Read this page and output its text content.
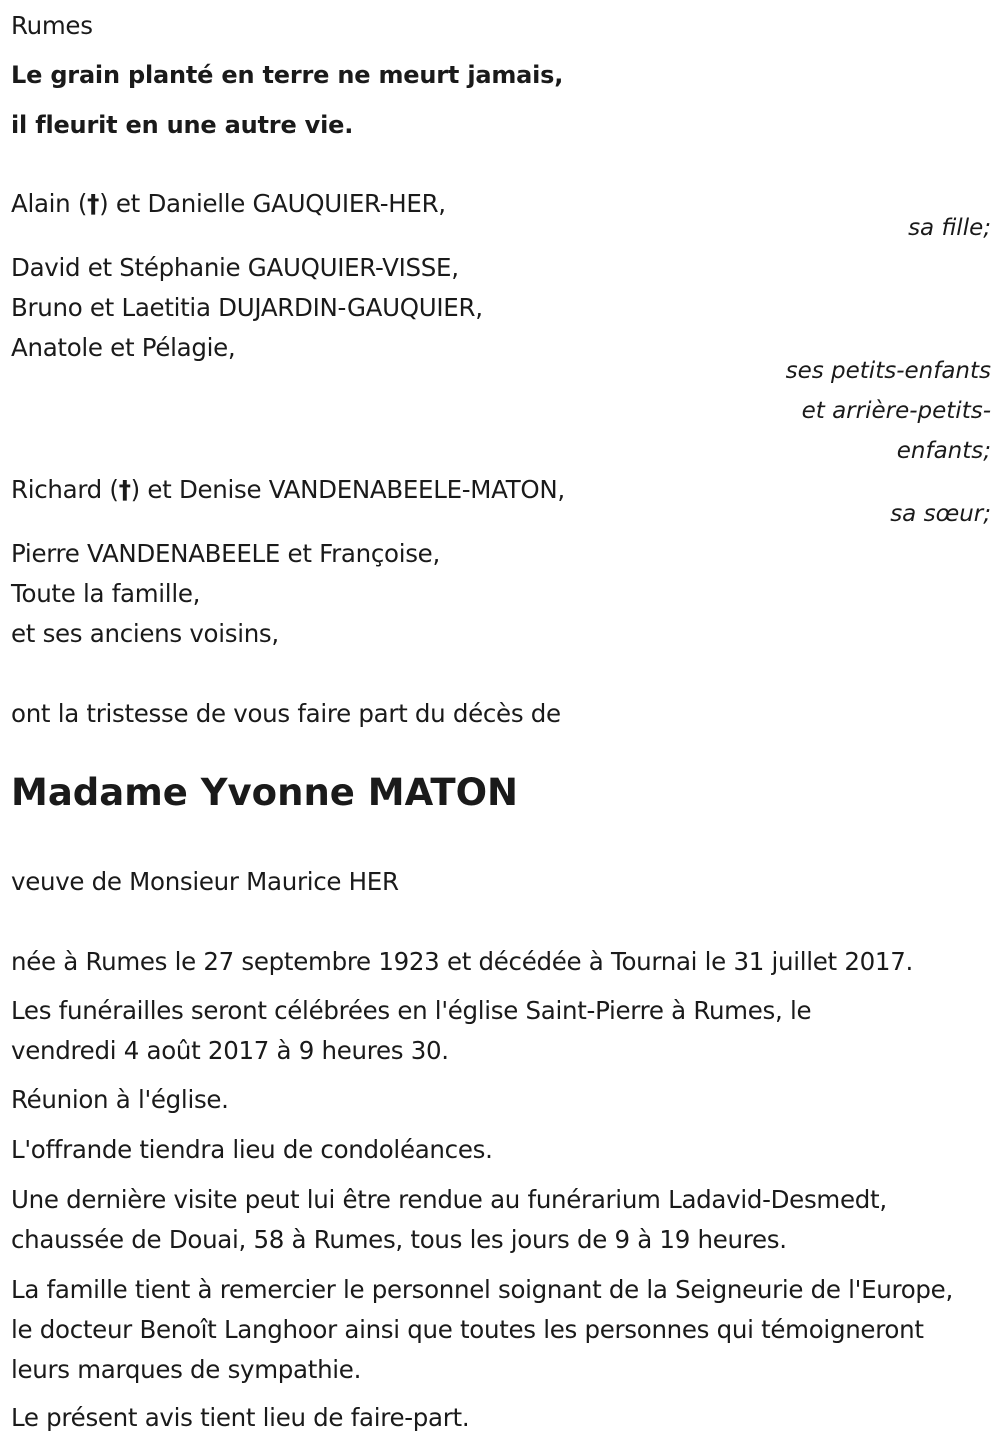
Rumes
Le grain planté en terre ne meurt jamais,
il fleurit en une autre vie.
Alain (†) et Danielle GAUQUIER-HER,
sa fille;
David et Stéphanie GAUQUIER-VISSE,
Bruno et Laetitia DUJARDIN-GAUQUIER,
Anatole et Pélagie,
ses petits-enfants
et arrière-petits-
enfants;
Richard (†) et Denise VANDENABEELE-MATON,
sa sœur;
Pierre VANDENABEELE et Françoise,
Toute la famille,
et ses anciens voisins,
ont la tristesse de vous faire part du décès de
Madame Yvonne MATON
veuve de Monsieur Maurice HER
née à Rumes le 27 septembre 1923 et décédée à Tournai le 31 juillet 2017.
Les funérailles seront célébrées en l'église Saint-Pierre à Rumes, le vendredi 4 août 2017 à 9 heures 30.
Réunion à l'église.
L'offrande tiendra lieu de condoléances.
Une dernière visite peut lui être rendue au funérarium Ladavid-Desmedt, chaussée de Douai, 58 à Rumes, tous les jours de 9 à 19 heures.
La famille tient à remercier le personnel soignant de la Seigneurie de l'Europe, le docteur Benoît Langhoor ainsi que toutes les personnes qui témoigneront leurs marques de sympathie.
Le présent avis tient lieu de faire-part.
